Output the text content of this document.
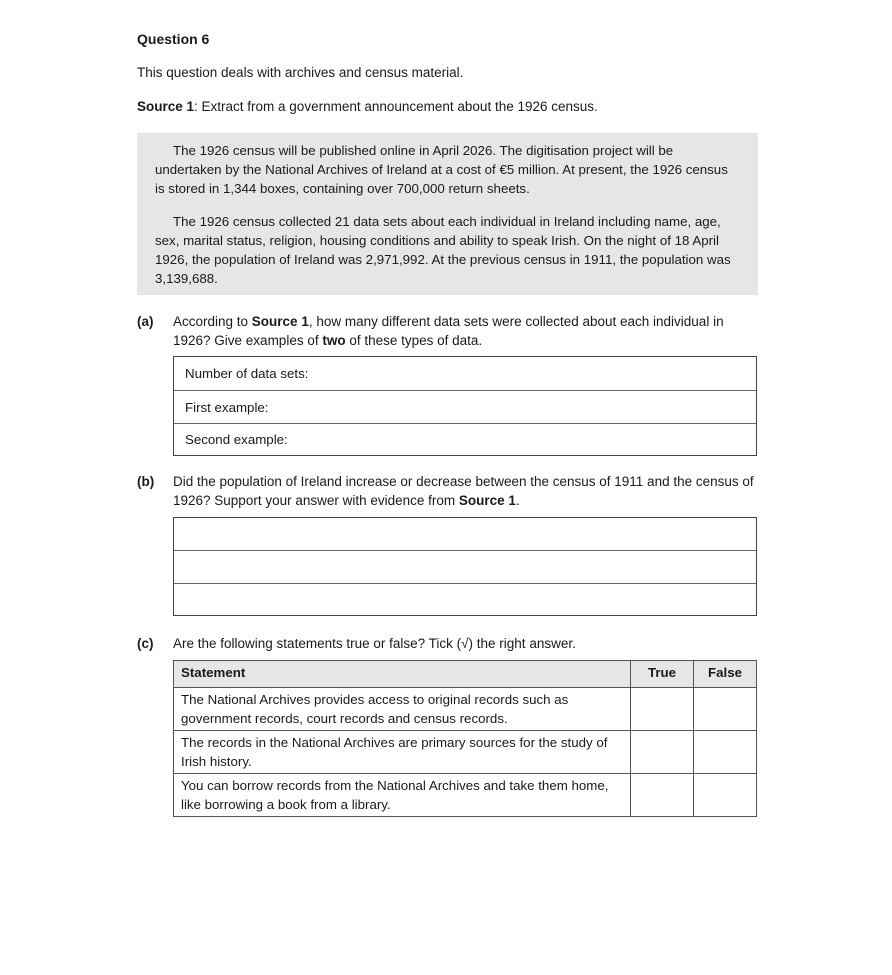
Question 6
This question deals with archives and census material.
Source 1: Extract from a government announcement about the 1926 census.

The 1926 census will be published online in April 2026. The digitisation project will be undertaken by the National Archives of Ireland at a cost of €5 million. At present, the 1926 census is stored in 1,344 boxes, containing over 700,000 return sheets.

The 1926 census collected 21 data sets about each individual in Ireland including name, age, sex, marital status, religion, housing conditions and ability to speak Irish. On the night of 18 April 1926, the population of Ireland was 2,971,992. At the previous census in 1911, the population was 3,139,688.

(a) According to Source 1, how many different data sets were collected about each individual in 1926? Give examples of two of these types of data.
Number of data sets:
First example:
Second example:
(b) Did the population of Ireland increase or decrease between the census of 1911 and the census of 1926? Support your answer with evidence from Source 1.
(c) Are the following statements true or false? Tick (√) the right answer.
Statement	True	False
The National Archives provides access to original records such as government records, court records and census records.		
The records in the National Archives are primary sources for the study of Irish history.		
You can borrow records from the National Archives and take them home, like borrowing a book from a library.		
